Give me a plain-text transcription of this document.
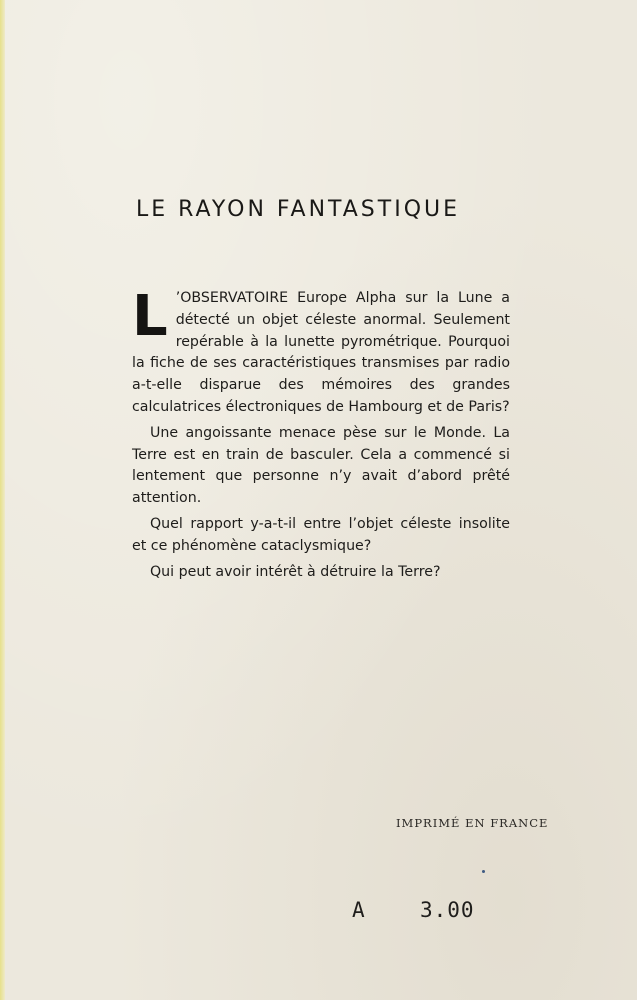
LE RAYON FANTASTIQUE

L ’OBSERVATOIRE Europe Alpha sur la Lune a détecté un objet céleste anormal. Seulement repérable à la lunette pyrométrique. Pourquoi la fiche de ses caractéristiques transmises par radio a-t-elle disparue des mémoires des grandes calculatrices électroniques de Hambourg et de Paris?

Une angoissante menace pèse sur le Monde. La Terre est en train de basculer. Cela a commencé si lentement que personne n’y avait d’abord prêté attention.

Quel rapport y-a-t-il entre l’objet céleste insolite et ce phénomène cataclysmique?

Qui peut avoir intérêt à détruire la Terre?

IMPRIMÉ EN FRANCE

A	3.00
